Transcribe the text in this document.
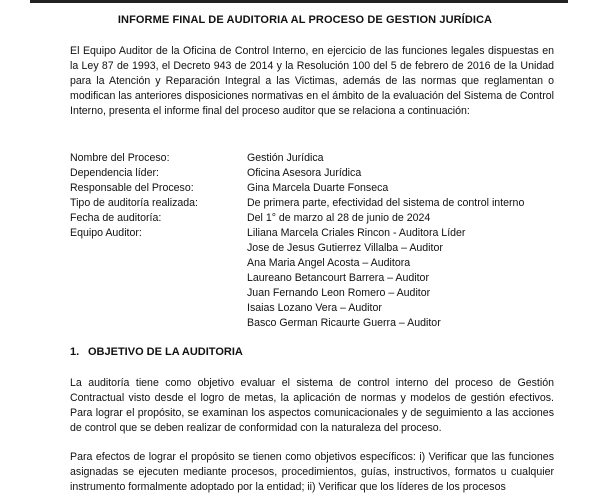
INFORME FINAL DE AUDITORIA AL PROCESO DE GESTION JURÍDICA
El Equipo Auditor de la Oficina de Control Interno, en ejercicio de las funciones legales dispuestas en la Ley 87 de 1993, el Decreto 943 de 2014 y la Resolución 100 del 5 de febrero de 2016 de la Unidad para la Atención y Reparación Integral a las Victimas, además de las normas que reglamentan o modifican las anteriores disposiciones normativas en el ámbito de la evaluación del Sistema de Control Interno, presenta el informe final del proceso auditor que se relaciona a continuación:
Nombre del Proceso:	Gestión Jurídica
Dependencia líder:	Oficina Asesora Jurídica
Responsable del Proceso:	Gina Marcela Duarte Fonseca
Tipo de auditoría realizada:	De primera parte, efectividad del sistema de control interno
Fecha de auditoría:	Del 1° de marzo al 28 de junio de 2024
Equipo Auditor:	Liliana Marcela Criales Rincon - Auditora Líder
Jose de Jesus Gutierrez Villalba – Auditor
Ana Maria Angel Acosta – Auditora
Laureano Betancourt Barrera – Auditor
Juan Fernando Leon Romero – Auditor
Isaias Lozano Vera – Auditor
Basco German Ricaurte Guerra – Auditor
1. OBJETIVO DE LA AUDITORIA
La auditoría tiene como objetivo evaluar el sistema de control interno del proceso de Gestión Contractual visto desde el logro de metas, la aplicación de normas y modelos de gestión efectivos. Para lograr el propósito, se examinan los aspectos comunicacionales y de seguimiento a las acciones de control que se deben realizar de conformidad con la naturaleza del proceso.
Para efectos de lograr el propósito se tienen como objetivos específicos: i) Verificar que las funciones asignadas se ejecuten mediante procesos, procedimientos, guías, instructivos, formatos u cualquier instrumento formalmente adoptado por la entidad; ii) Verificar que los líderes de los procesos
